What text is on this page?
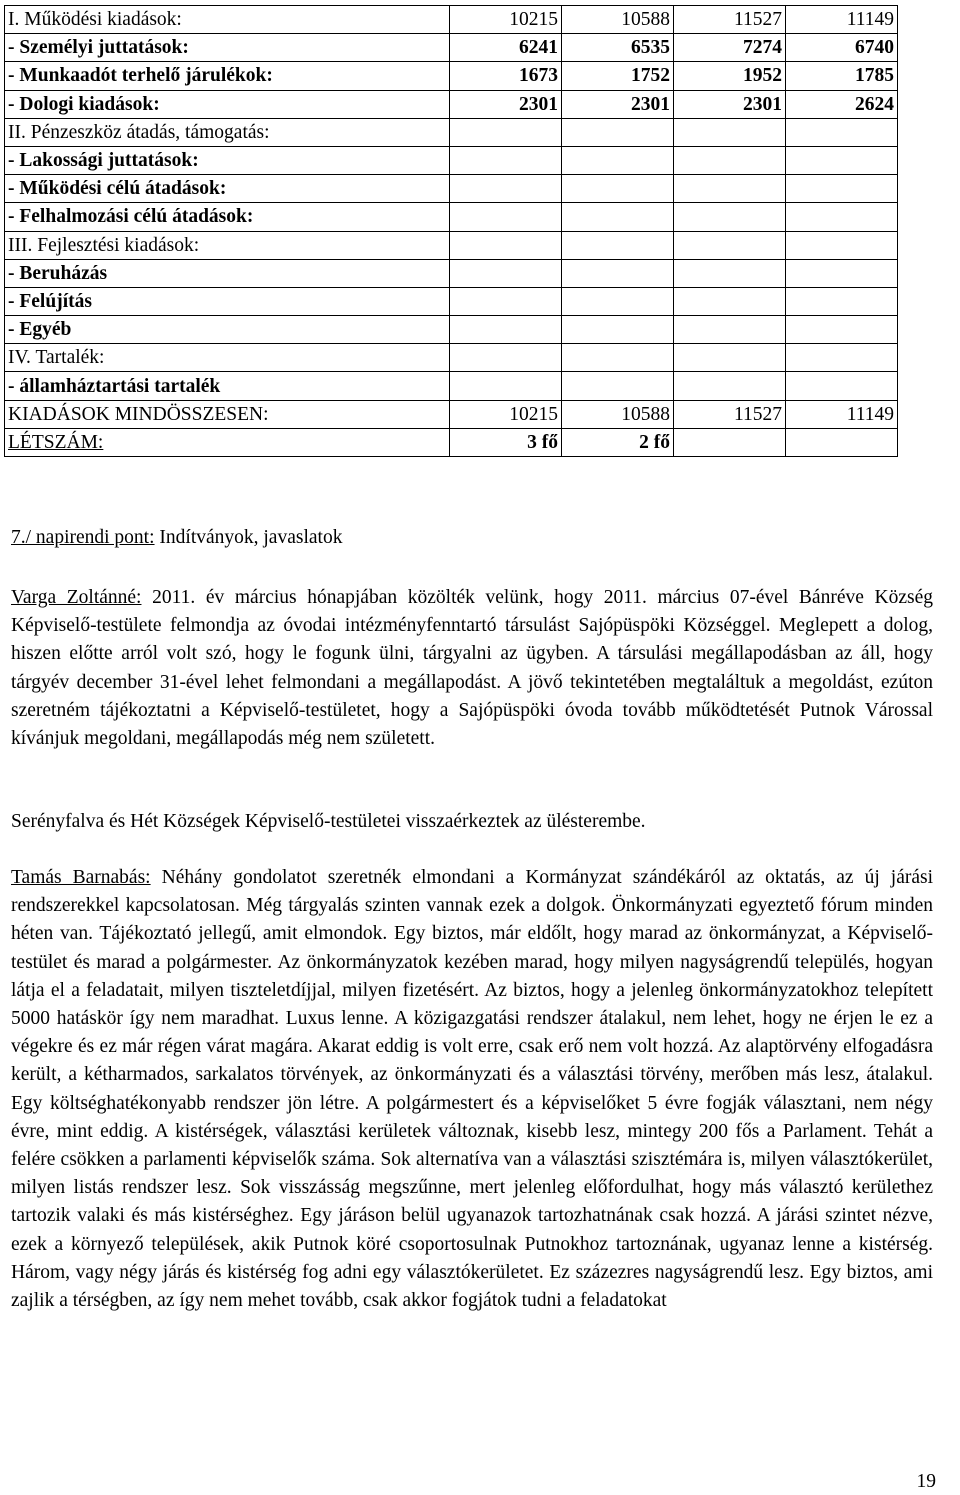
I. Működési kiadások:	10215	10588	11527	11149
- Személyi juttatások:	6241	6535	7274	6740
- Munkaadót terhelő járulékok:	1673	1752	1952	1785
- Dologi kiadások:	2301	2301	2301	2624
II. Pénzeszköz átadás, támogatás:				
- Lakossági juttatások:				
- Működési célú átadások:				
- Felhalmozási célú átadások:				
III. Fejlesztési kiadások:				
- Beruházás				
- Felújítás				
- Egyéb				
IV. Tartalék:				
- államháztartási tartalék				
KIADÁSOK MINDÖSSZESEN:	10215	10588	11527	11149
LÉTSZÁM:	3 fő	2 fő		
7./ napirendi pont: Indítványok, javaslatok

Varga Zoltánné: 2011. év március hónapjában közölték velünk, hogy 2011. március 07-ével Bánréve Község Képviselő-testülete felmondja az óvodai intézményfenntartó társulást Sajópüspöki Községgel. Meglepett a dolog, hiszen előtte arról volt szó, hogy le fogunk ülni, tárgyalni az ügyben. A társulási megállapodásban az áll, hogy tárgyév december 31-ével lehet felmondani a megállapodást. A jövő tekintetében megtaláltuk a megoldást, ezúton szeretném tájékoztatni a Képviselő-testületet, hogy a Sajópüspöki óvoda tovább működtetését Putnok Várossal kívánjuk megoldani, megállapodás még nem született.

Serényfalva és Hét Községek Képviselő-testületei visszaérkeztek az ülésterembe.

Tamás Barnabás: Néhány gondolatot szeretnék elmondani a Kormányzat szándékáról az oktatás, az új járási rendszerekkel kapcsolatosan. Még tárgyalás szinten vannak ezek a dolgok. Önkormányzati egyeztető fórum minden héten van. Tájékoztató jellegű, amit elmondok. Egy biztos, már eldőlt, hogy marad az önkormányzat, a Képviselő-testület és marad a polgármester. Az önkormányzatok kezében marad, hogy milyen nagyságrendű település, hogyan látja el a feladatait, milyen tiszteletdíjjal, milyen fizetésért. Az biztos, hogy a jelenleg önkormányzatokhoz telepített 5000 hatáskör így nem maradhat. Luxus lenne. A közigazgatási rendszer átalakul, nem lehet, hogy ne érjen le ez a végekre és ez már régen várat magára. Akarat eddig is volt erre, csak erő nem volt hozzá. Az alaptörvény elfogadásra került, a kétharmados, sarkalatos törvények, az önkormányzati és a választási törvény, merőben más lesz, átalakul. Egy költséghatékonyabb rendszer jön létre. A polgármestert és a képviselőket 5 évre fogják választani, nem négy évre, mint eddig. A kistérségek, választási kerületek változnak, kisebb lesz, mintegy 200 fős a Parlament. Tehát a felére csökken a parlamenti képviselők száma. Sok alternatíva van a választási szisztémára is, milyen választókerület, milyen listás rendszer lesz. Sok visszásság megszűnne, mert jelenleg előfordulhat, hogy más választó kerülethez tartozik valaki és más kistérséghez. Egy járáson belül ugyanazok tartozhatnának csak hozzá. A járási szintet nézve, ezek a környező települések, akik Putnok köré csoportosulnak Putnokhoz tartoznának, ugyanaz lenne a kistérség. Három, vagy négy járás és kistérség fog adni egy választókerületet. Ez százezres nagyságrendű lesz. Egy biztos, ami zajlik a térségben, az így nem mehet tovább, csak akkor fogjátok tudni a feladatokat

19
